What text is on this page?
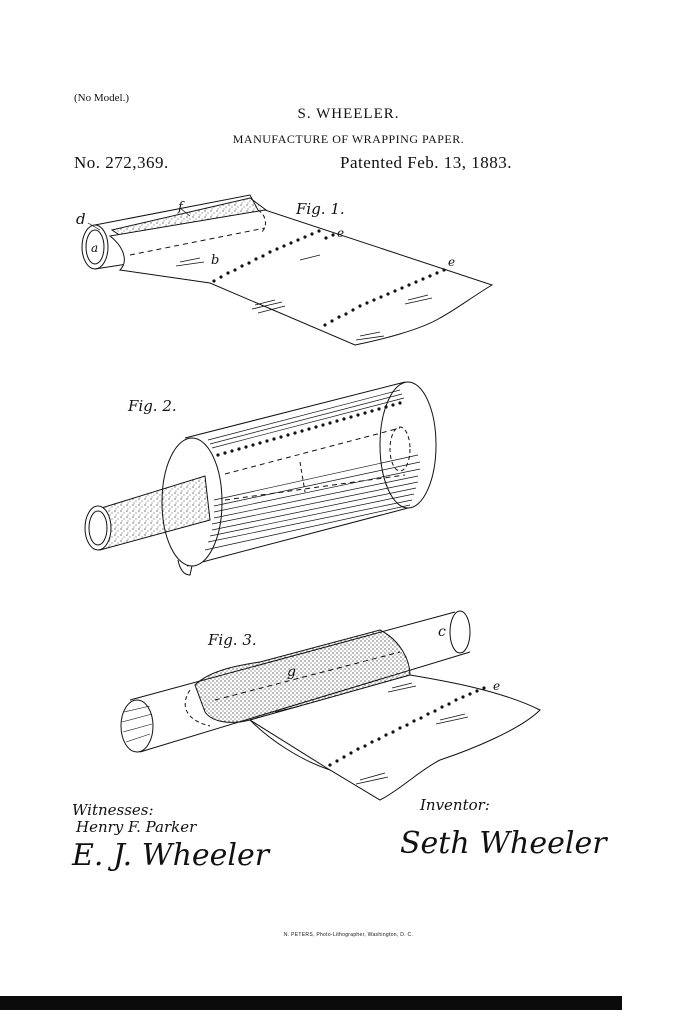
(No Model.)
S. WHEELER.
MANUFACTURE OF WRAPPING PAPER.
No. 272,369.	Patented Feb. 13, 1883.
Fig. 1.
d
f
a
e
b	e
Fig. 2.
Fig. 3.	c
g
e
Witnesses:
Henry F. Parker
E. J. Wheeler
Inventor:
Seth Wheeler
N. PETERS, Photo-Lithographer, Washington, D. C.
